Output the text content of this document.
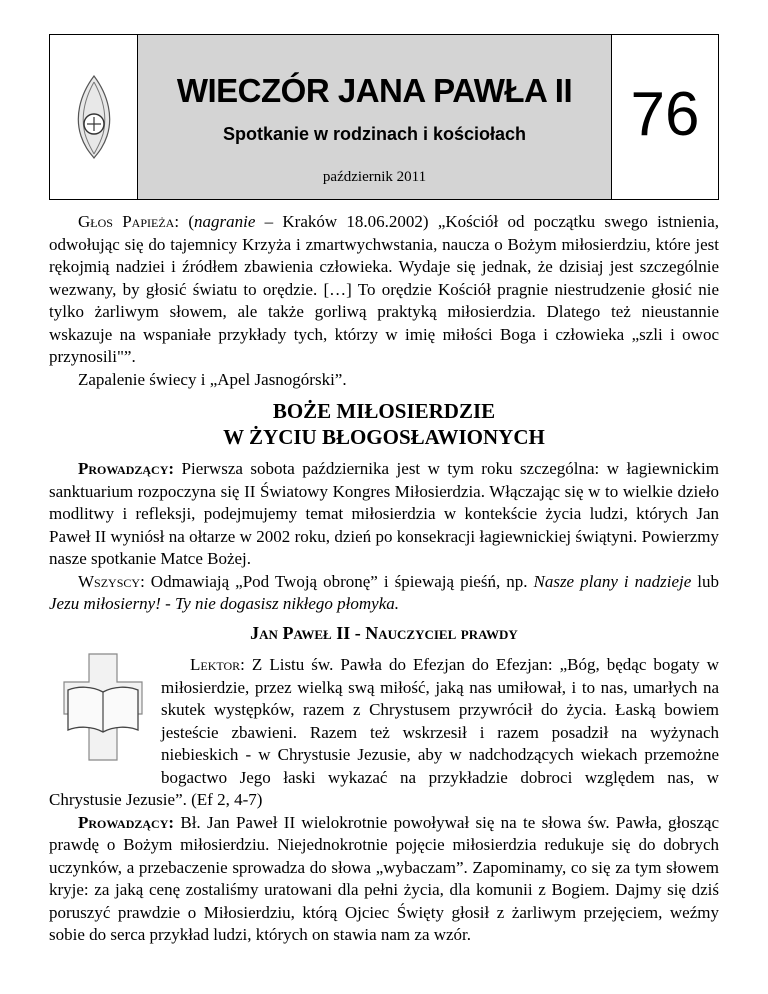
WIECZÓR JANA PAWŁA II
Spotkanie w rodzinach i kościołach
październik 2011
76

Głos Papieża: (nagranie – Kraków 18.06.2002) „Kościół od początku swego istnienia, odwołując się do tajemnicy Krzyża i zmartwychwstania, naucza o Bożym miłosierdziu, które jest rękojmią nadziei i źródłem zbawienia człowieka. Wydaje się jednak, że dzisiaj jest szczególnie wezwany, by głosić światu to orędzie. […] To orędzie Kościół pragnie niestrudzenie głosić nie tylko żarliwym słowem, ale także gorliwą praktyką miłosierdzia. Dlatego też nieustannie wskazuje na wspaniałe przykłady tych, którzy w imię miłości Boga i człowieka „szli i owoc przynosili"”.

Zapalenie świecy i „Apel Jasnogórski”.

BOŻE MIŁOSIERDZIE
W ŻYCIU BŁOGOSŁAWIONYCH

Prowadzący: Pierwsza sobota października jest w tym roku szczególna: w łagiewnickim sanktuarium rozpoczyna się II Światowy Kongres Miłosierdzia. Włączając się w to wielkie dzieło modlitwy i refleksji, podejmujemy temat miłosierdzia w kontekście życia ludzi, których Jan Paweł II wyniósł na ołtarze w 2002 roku, dzień po konsekracji łagiewnickiej świątyni. Powierzmy nasze spotkanie Matce Bożej.

Wszyscy: Odmawiają „Pod Twoją obronę” i śpiewają pieśń, np. Nasze plany i nadzieje lub Jezu miłosierny! - Ty nie dogasisz nikłego płomyka.

Jan Paweł II - Nauczyciel prawdy

Lektor: Z Listu św. Pawła do Efezjan do Efezjan: „Bóg, będąc bogaty w miłosierdzie, przez wielką swą miłość, jaką nas umiłował, i to nas, umarłych na skutek występków, razem z Chrystusem przywrócił do życia. Łaską bowiem jesteście zbawieni. Razem też wskrzesił i razem posadził na wyżynach niebieskich - w Chrystusie Jezusie, aby w nadchodzących wiekach przemożne bogactwo Jego łaski wykazać na przykładzie dobroci względem nas, w Chrystusie Jezusie”. (Ef 2, 4-7)

Prowadzący: Bł. Jan Paweł II wielokrotnie powoływał się na te słowa św. Pawła, głosząc prawdę o Bożym miłosierdziu. Niejednokrotnie pojęcie miłosierdzia redukuje się do dobrych uczynków, a przebaczenie sprowadza do słowa „wybaczam”. Zapominamy, co się za tym słowem kryje: za jaką cenę zostaliśmy uratowani dla pełni życia, dla komunii z Bogiem. Dajmy się dziś poruszyć prawdzie o Miłosierdziu, którą Ojciec Święty głosił z żarliwym przejęciem, weźmy sobie do serca przykład ludzi, których on stawia nam za wzór.
